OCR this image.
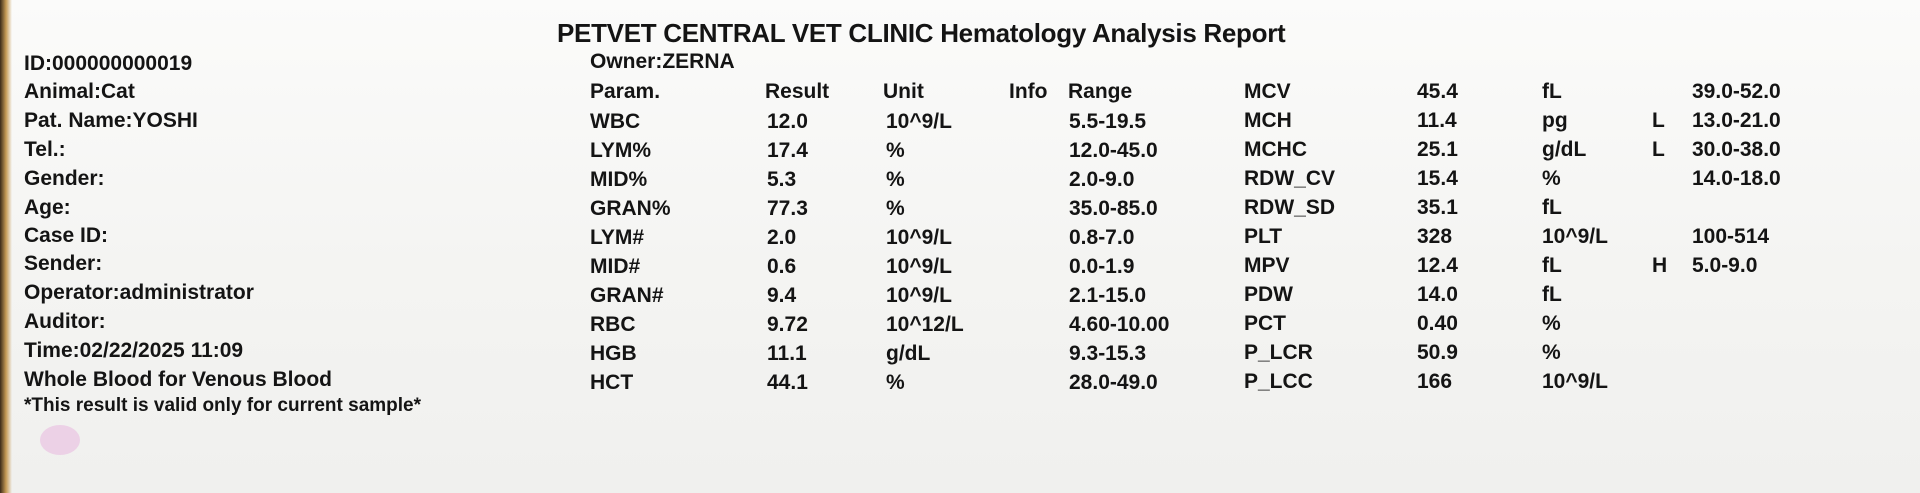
PETVET CENTRAL VET CLINIC Hematology Analysis Report
ID:000000000019
Animal:Cat
Pat. Name:YOSHI
Tel.:
Gender:
Age:
Case ID:
Sender:
Operator:administrator
Auditor:
Time:02/22/2025 11:09
Whole Blood for Venous Blood
*This result is valid only for current sample*
Owner:ZERNA
Param.	Result	Unit	Info Range
WBC	12.0	10^9/L	5.5-19.5
LYM%	17.4	%	12.0-45.0
MID%	5.3	%	2.0-9.0
GRAN%	77.3	%	35.0-85.0
LYM#	2.0	10^9/L	0.8-7.0
MID#	0.6	10^9/L	0.0-1.9
GRAN#	9.4	10^9/L	2.1-15.0
RBC	9.72	10^12/L	4.60-10.00
HGB	11.1	g/dL	9.3-15.3
HCT	44.1	%	28.0-49.0
MCV	45.4	fL	39.0-52.0
MCH	11.4	pg	L 13.0-21.0
MCHC	25.1	g/dL	L 30.0-38.0
RDW_CV	15.4	%	14.0-18.0
RDW_SD	35.1	fL
PLT	328	10^9/L	100-514
MPV	12.4	fL	H 5.0-9.0
PDW	14.0	fL
PCT	0.40	%
P_LCR	50.9	%
P_LCC	166	10^9/L
